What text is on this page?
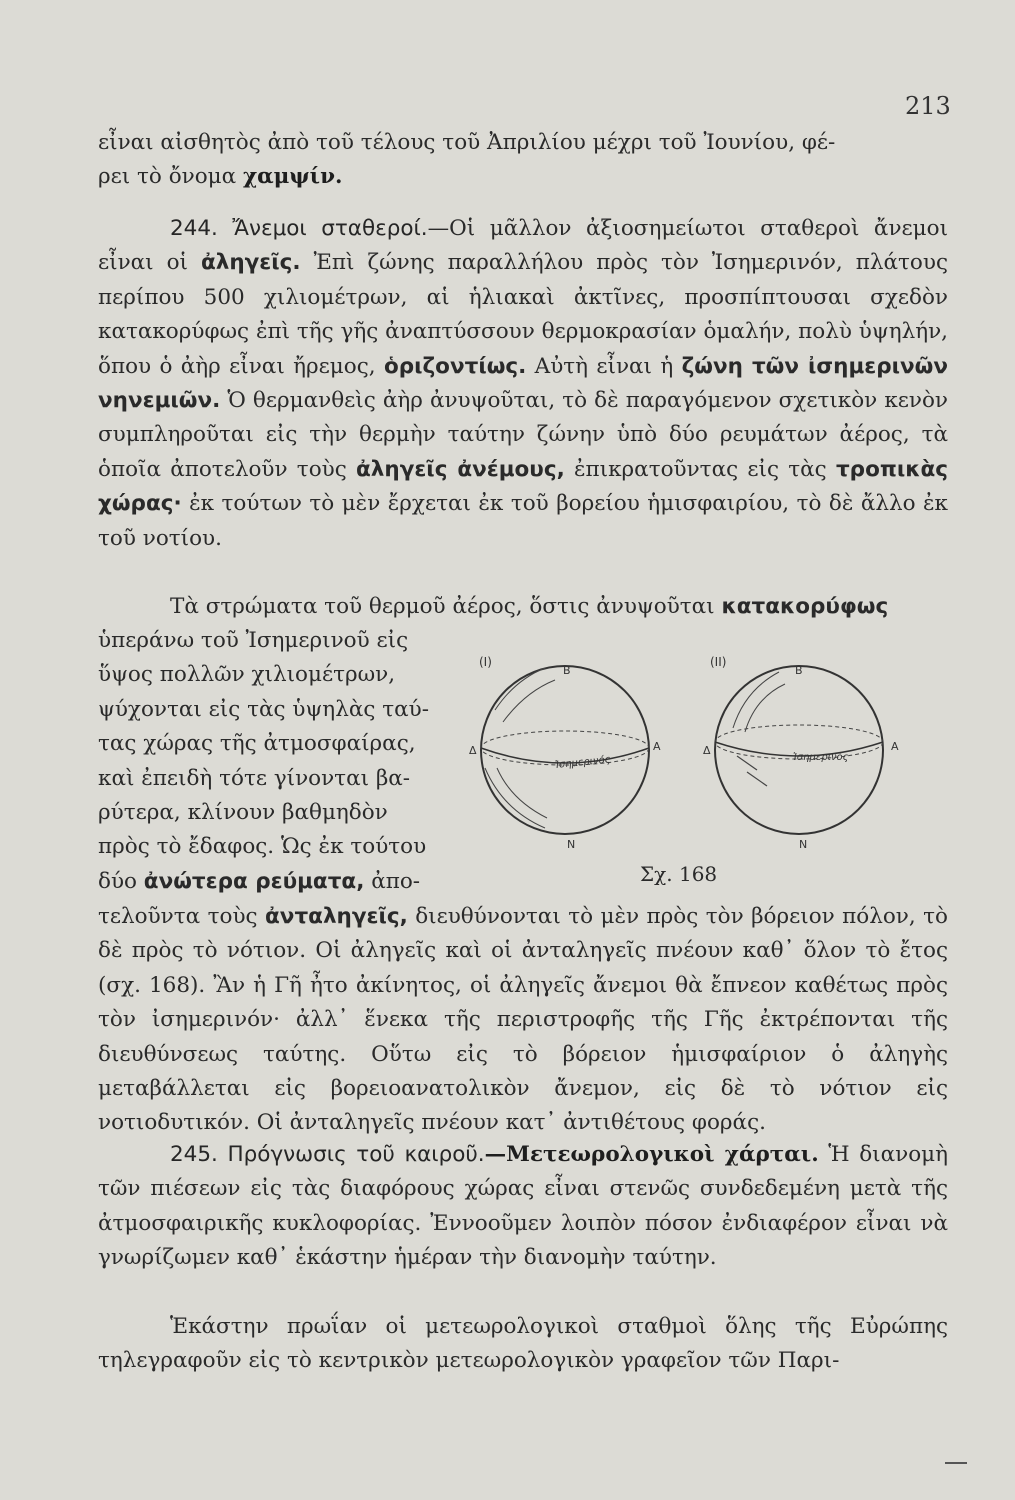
213
εἶναι αἰσθητὸς ἀπὸ τοῦ τέλους τοῦ Ἀπριλίου μέχρι τοῦ Ἰουνίου, φέ-
ρει τὸ ὄνομα χαμψίν.
244. Ἄνεμοι σταθεροί.—Οἱ μᾶλλον ἀξιοσημείωτοι σταθεροὶ ἄνεμοι εἶναι οἱ ἀληγεῖς. Ἐπὶ ζώνης παραλλήλου πρὸς τὸν Ἰσημερινόν, πλάτους περίπου 500 χιλιομέτρων, αἱ ἡλιακαὶ ἀκτῖνες, προσπίπτουσαι σχεδὸν κατακορύφως ἐπὶ τῆς γῆς ἀναπτύσσουν θερμοκρασίαν ὁμαλήν, πολὺ ὑψηλήν, ὅπου ὁ ἀὴρ εἶναι ἤρεμος, ὁριζοντίως. Αὐτὴ εἶναι ἡ ζώνη τῶν ἰσημερινῶν νηνεμιῶν. Ὁ θερμανθεὶς ἀὴρ ἀνυψοῦται, τὸ δὲ παραγόμενον σχετικὸν κενὸν συμπληροῦται εἰς τὴν θερμὴν ταύτην ζώνην ὑπὸ δύο ρευμάτων ἀέρος, τὰ ὁποῖα ἀποτελοῦν τοὺς ἀληγεῖς ἀνέμους, ἐπικρατοῦντας εἰς τὰς τροπικὰς χώρας· ἐκ τούτων τὸ μὲν ἔρχεται ἐκ τοῦ βορείου ἡμισφαιρίου, τὸ δὲ ἄλλο ἐκ τοῦ νοτίου.
Τὰ στρώματα τοῦ θερμοῦ ἀέρος, ὅστις ἀνυψοῦται κατακορύφως
ὑπεράνω τοῦ Ἰσημερινοῦ εἰς
ὕψος πολλῶν χιλιομέτρων,
ψύχονται εἰς τὰς ὑψηλὰς ταύ-
τας χώρας τῆς ἀτμοσφαίρας,
καὶ ἐπειδὴ τότε γίνονται βα-
ρύτερα, κλίνουν βαθμηδὸν
πρὸς τὸ ἔδαφος. Ὡς ἐκ τούτου
δύο ἀνώτερα ρεύματα, ἀπο-
(I)
B
Δ	A
Ἰσημερινός
N
(II)
B
Δ	A
Ἰσημερινός
N
Σχ. 168
τελοῦντα τοὺς ἀνταληγεῖς, διευθύνονται τὸ μὲν πρὸς τὸν βόρειον πόλον, τὸ δὲ πρὸς τὸ νότιον. Οἱ ἀληγεῖς καὶ οἱ ἀνταληγεῖς πνέουν καθ᾽ ὅλον τὸ ἔτος (σχ. 168). Ἂν ἡ Γῆ ἦτο ἀκίνητος, οἱ ἀληγεῖς ἄνεμοι θὰ ἔπνεον καθέτως πρὸς τὸν ἰσημερινόν· ἀλλ᾽ ἕνεκα τῆς περιστροφῆς τῆς Γῆς ἐκτρέπονται τῆς διευθύνσεως ταύτης. Οὕτω εἰς τὸ βόρειον ἡμισφαίριον ὁ ἀληγὴς μεταβάλλεται εἰς βορειοανατολικὸν ἄνεμον, εἰς δὲ τὸ νότιον εἰς νοτιοδυτικόν. Οἱ ἀνταληγεῖς πνέουν κατ᾽ ἀντιθέτους φοράς.
245. Πρόγνωσις τοῦ καιροῦ.—Μετεωρολογικοὶ χάρται. Ἡ διανομὴ τῶν πιέσεων εἰς τὰς διαφόρους χώρας εἶναι στενῶς συνδεδεμένη μετὰ τῆς ἀτμοσφαιρικῆς κυκλοφορίας. Ἐννοοῦμεν λοιπὸν πόσον ἐνδιαφέρον εἶναι νὰ γνωρίζωμεν καθ᾽ ἑκάστην ἡμέραν τὴν διανομὴν ταύτην.
Ἑκάστην πρωΐαν οἱ μετεωρολογικοὶ σταθμοὶ ὅλης τῆς Εὐρώπης τηλεγραφοῦν εἰς τὸ κεντρικὸν μετεωρολογικὸν γραφεῖον τῶν Παρι-
